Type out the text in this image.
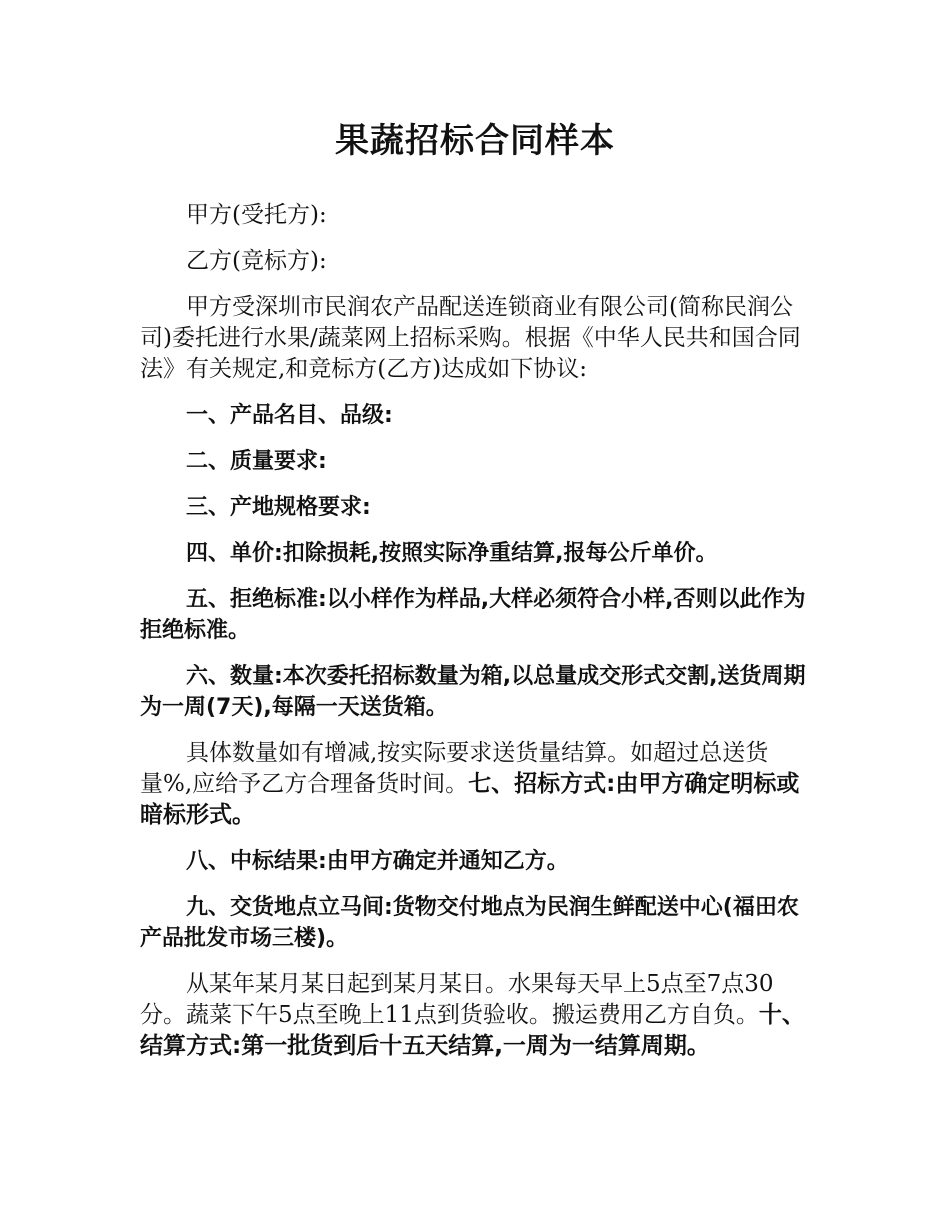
果蔬招标合同样本

甲方(受托方):

乙方(竞标方):

甲方受深圳市民润农产品配送连锁商业有限公司(简称民润公司)委托进行水果/蔬菜网上招标采购。根据《中华人民共和国合同法》有关规定,和竞标方(乙方)达成如下协议:

一、产品名目、品级:

二、质量要求:

三、产地规格要求:

四、单价:扣除损耗,按照实际净重结算,报每公斤单价。

五、拒绝标准:以小样作为样品,大样必须符合小样,否则以此作为拒绝标准。

六、数量:本次委托招标数量为箱,以总量成交形式交割,送货周期为一周(7天),每隔一天送货箱。

具体数量如有增减,按实际要求送货量结算。如超过总送货量%,应给予乙方合理备货时间。七、招标方式:由甲方确定明标或暗标形式。

八、中标结果:由甲方确定并通知乙方。

九、交货地点立马间:货物交付地点为民润生鲜配送中心(福田农产品批发市场三楼)。

从某年某月某日起到某月某日。水果每天早上5点至7点30分。蔬菜下午5点至晚上11点到货验收。搬运费用乙方自负。十、结算方式:第一批货到后十五天结算,一周为一结算周期。
